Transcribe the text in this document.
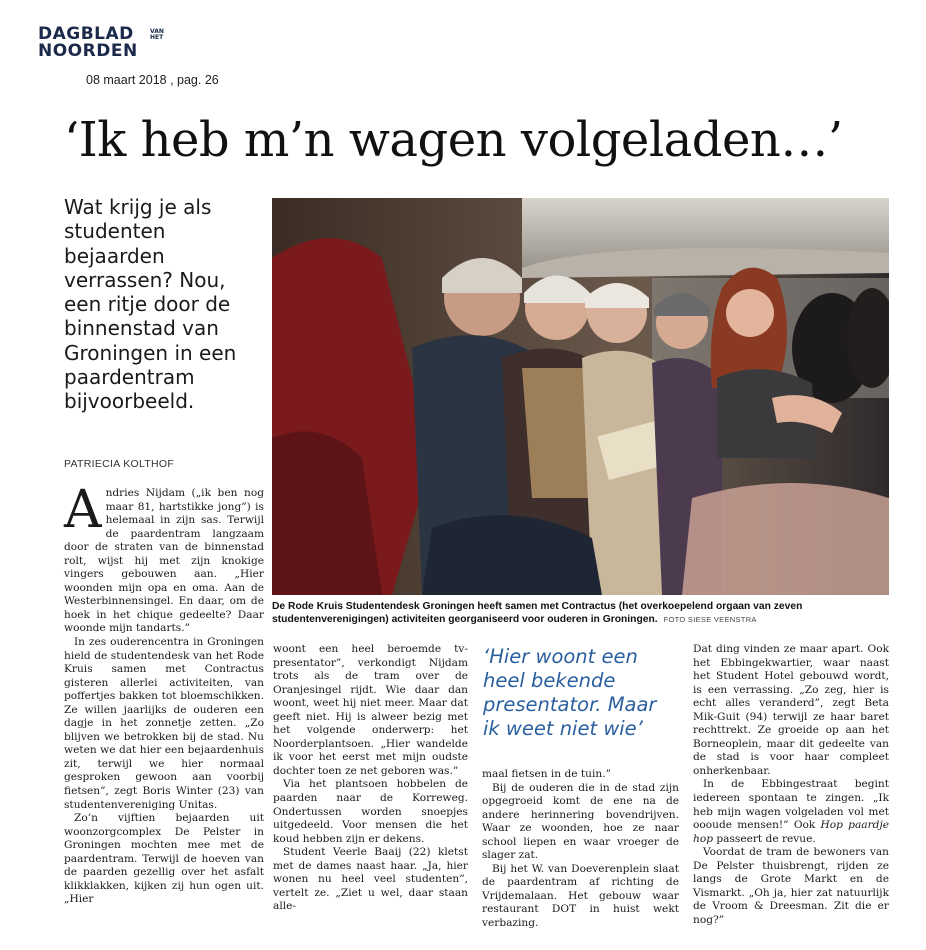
DAGBLAD
NOORDEN
VAN
HET
08 maart 2018 , pag. 26
‘Ik heb m’n wagen volgeladen…’
Wat krijg je als studenten bejaarden verrassen? Nou, een ritje door de binnenstad van Groningen in een paardentram bijvoorbeeld.
PATRIECIA KOLTHOF
De Rode Kruis Studentendesk Groningen heeft samen met Contractus (het overkoepelend orgaan van zeven studentenverenigingen) activiteiten georganiseerd voor ouderen in Groningen. FOTO SIESE VEENSTRA

Andries Nijdam („ik ben nog maar 81, hartstikke jong”) is helemaal in zijn sas. Terwijl de paardentram langzaam door de straten van de binnenstad rolt, wijst hij met zijn knokige vingers gebouwen aan. „Hier woonden mijn opa en oma. Aan de Westerbinnensingel. En daar, om de hoek in het chique gedeelte? Daar woonde mijn tandarts.”

In zes ouderencentra in Groningen hield de studentendesk van het Rode Kruis samen met Contractus gisteren allerlei activiteiten, van poffertjes bakken tot bloemschikken. Ze willen jaarlijks de ouderen een dagje in het zonnetje zetten. „Zo blijven we betrokken bij de stad. Nu weten we dat hier een bejaardenhuis zit, terwijl we hier normaal gesproken gewoon aan voorbij fietsen”, zegt Boris Winter (23) van studentenvereniging Unitas.

Zo’n vijftien bejaarden uit woonzorgcomplex De Pelster in Groningen mochten mee met de paardentram. Terwijl de hoeven van de paarden gezellig over het asfalt klikklakken, kijken zij hun ogen uit. „Hier

woont een heel beroemde tv-presentator”, verkondigt Nijdam trots als de tram over de Oranjesingel rijdt. Wie daar dan woont, weet hij niet meer. Maar dat geeft niet. Hij is alweer bezig met het volgende onderwerp: het Noorderplantsoen. „Hier wandelde ik voor het eerst met mijn oudste dochter toen ze net geboren was.”

Via het plantsoen hobbelen de paarden naar de Korreweg. Ondertussen worden snoepjes uitgedeeld. Voor mensen die het koud hebben zijn er dekens.

Student Veerle Baaij (22) kletst met de dames naast haar. „Ja, hier wonen nu heel veel studenten”, vertelt ze. „Ziet u wel, daar staan alle-

‘Hier woont een heel bekende presentator. Maar ik weet niet wie’

maal fietsen in de tuin.”

Bij de ouderen die in de stad zijn opgegroeid komt de ene na de andere herinnering bovendrijven. Waar ze woonden, hoe ze naar school liepen en waar vroeger de slager zat.

Bij het W. van Doeverenplein slaat de paardentram af richting de Vrijdemalaan. Het gebouw waar restaurant DOT in huist wekt verbazing.

Dat ding vinden ze maar apart. Ook het Ebbingekwartier, waar naast het Student Hotel gebouwd wordt, is een verrassing. „Zo zeg, hier is echt alles veranderd”, zegt Beta Mik-Guit (94) terwijl ze haar baret rechttrekt. Ze groeide op aan het Borneoplein, maar dit gedeelte van de stad is voor haar compleet onherkenbaar.

In de Ebbingestraat begint iedereen spontaan te zingen. „Ik heb mijn wagen volgeladen vol met oooude mensen!” Ook Hop paardje hop passeert de revue.

Voordat de tram de bewoners van De Pelster thuisbrengt, rijden ze langs de Grote Markt en de Vismarkt. „Oh ja, hier zat natuurlijk de Vroom & Dreesman. Zit die er nog?”
